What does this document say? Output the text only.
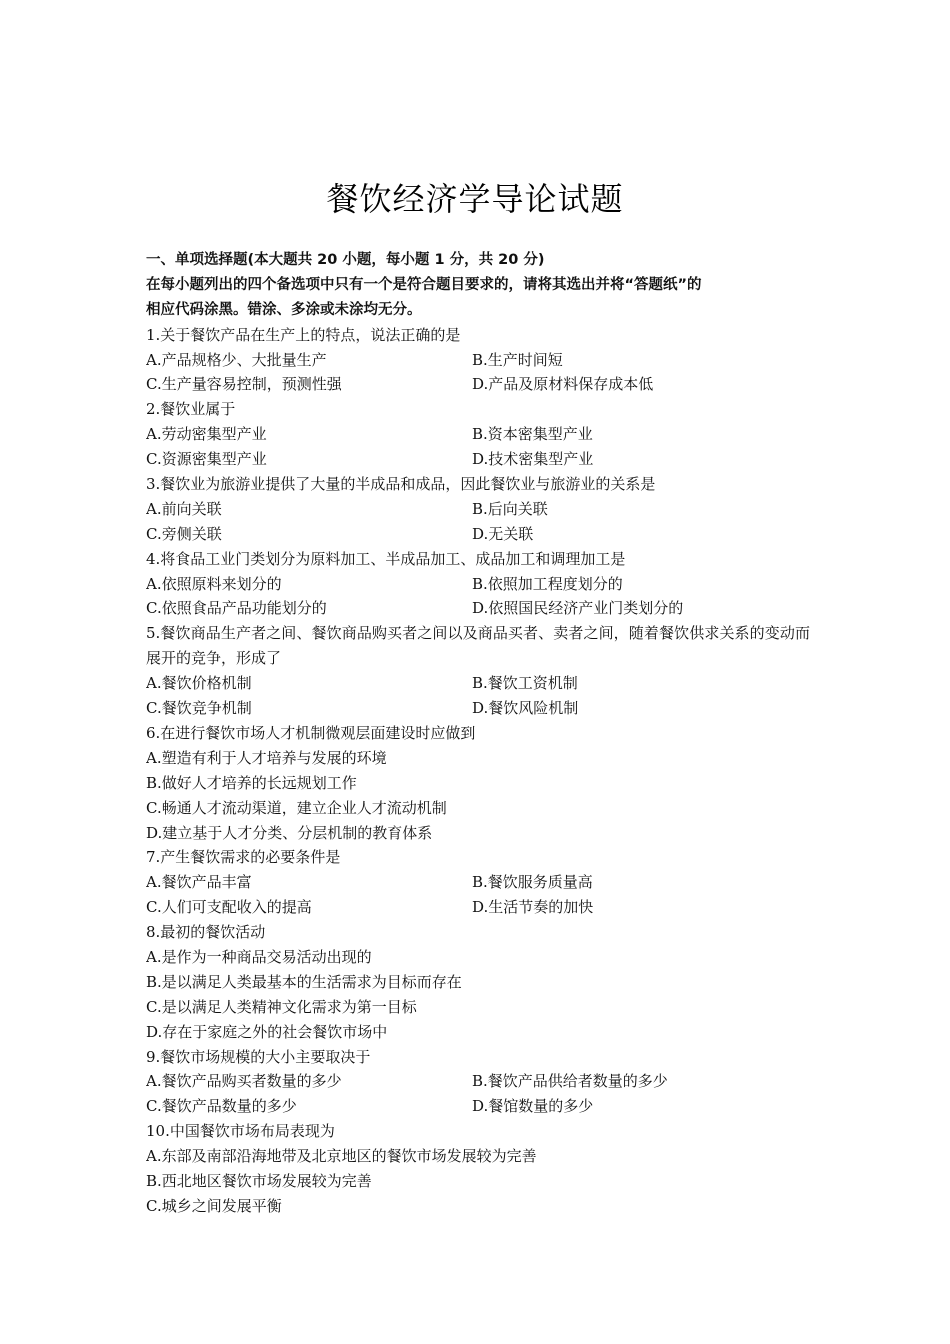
餐饮经济学导论试题
一、单项选择题(本大题共 20 小题，每小题 1 分，共 20 分)
在每小题列出的四个备选项中只有一个是符合题目要求的，请将其选出并将“答题纸”的
相应代码涂黑。错涂、多涂或未涂均无分。
1.关于餐饮产品在生产上的特点，说法正确的是
A.产品规格少、大批量生产	B.生产时间短
C.生产量容易控制，预测性强	D.产品及原材料保存成本低
2.餐饮业属于
A.劳动密集型产业	B.资本密集型产业
C.资源密集型产业	D.技术密集型产业
3.餐饮业为旅游业提供了大量的半成品和成品，因此餐饮业与旅游业的关系是
A.前向关联	B.后向关联
C.旁侧关联	D.无关联
4.将食品工业门类划分为原料加工、半成品加工、成品加工和调理加工是
A.依照原料来划分的	B.依照加工程度划分的
C.依照食品产品功能划分的	D.依照国民经济产业门类划分的
5.餐饮商品生产者之间、餐饮商品购买者之间以及商品买者、卖者之间，随着餐饮供求关系的变动而展开的竞争，形成了
A.餐饮价格机制	B.餐饮工资机制
C.餐饮竞争机制	D.餐饮风险机制
6.在进行餐饮市场人才机制微观层面建设时应做到
A.塑造有利于人才培养与发展的环境
B.做好人才培养的长远规划工作
C.畅通人才流动渠道，建立企业人才流动机制
D.建立基于人才分类、分层机制的教育体系
7.产生餐饮需求的必要条件是
A.餐饮产品丰富	B.餐饮服务质量高
C.人们可支配收入的提高	D.生活节奏的加快
8.最初的餐饮活动
A.是作为一种商品交易活动出现的
B.是以满足人类最基本的生活需求为目标而存在
C.是以满足人类精神文化需求为第一目标
D.存在于家庭之外的社会餐饮市场中
9.餐饮市场规模的大小主要取决于
A.餐饮产品购买者数量的多少	B.餐饮产品供给者数量的多少
C.餐饮产品数量的多少	D.餐馆数量的多少
10.中国餐饮市场布局表现为
A.东部及南部沿海地带及北京地区的餐饮市场发展较为完善
B.西北地区餐饮市场发展较为完善
C.城乡之间发展平衡
